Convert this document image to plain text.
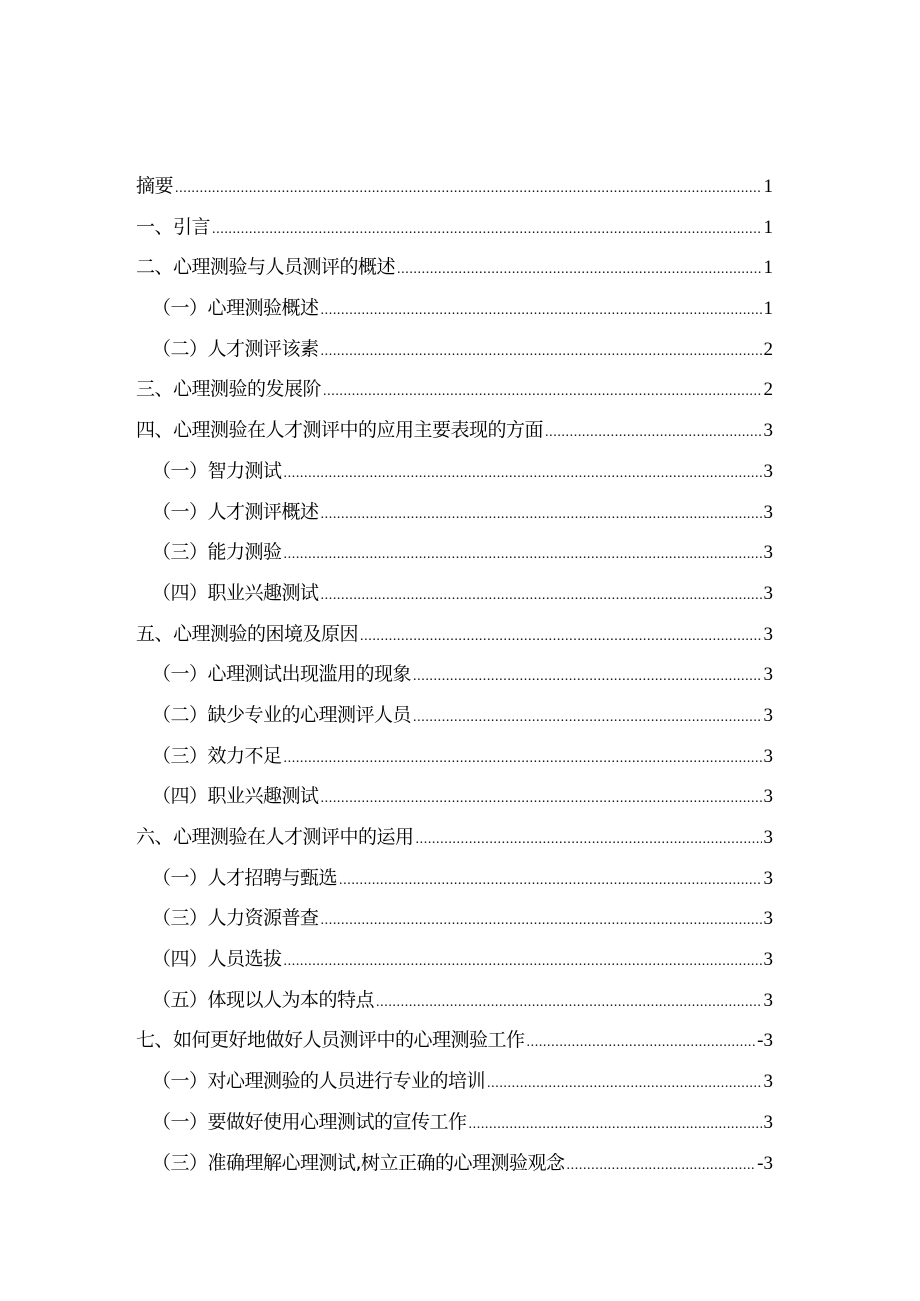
摘要 .....	1
一、引言 .....	1
二、心理测验与人员测评的概述 .....	1
（一）心理测验概述 .....	1
（二）人才测评该素 .....	2
三、心理测验的发展阶 .....	2
四、心理测验在人才测评中的应用主要表现的方面 .....	3
（一）智力测试 .....	3
（一）人才测评概述 .....	3
（三）能力测验 .....	3
（四）职业兴趣测试 .....	3
五、心理测验的困境及原因 .....	3
（一）心理测试出现滥用的现象 .....	3
（二）缺少专业的心理测评人员 .....	3
（三）效力不足 .....	3
（四）职业兴趣测试 .....	3
六、心理测验在人才测评中的运用 .....	3
（一）人才招聘与甄选 .....	3
（三）人力资源普查 .....	3
（四）人员选拔 .....	3
（五）体现以人为本的特点 .....	3
七、如何更好地做好人员测评中的心理测验工作 .....	-3
（一）对心理测验的人员进行专业的培训 .....	3
（一）要做好使用心理测试的宣传工作 .....	3
（三）准确理解心理测试,树立正确的心理测验观念 .....	-3
